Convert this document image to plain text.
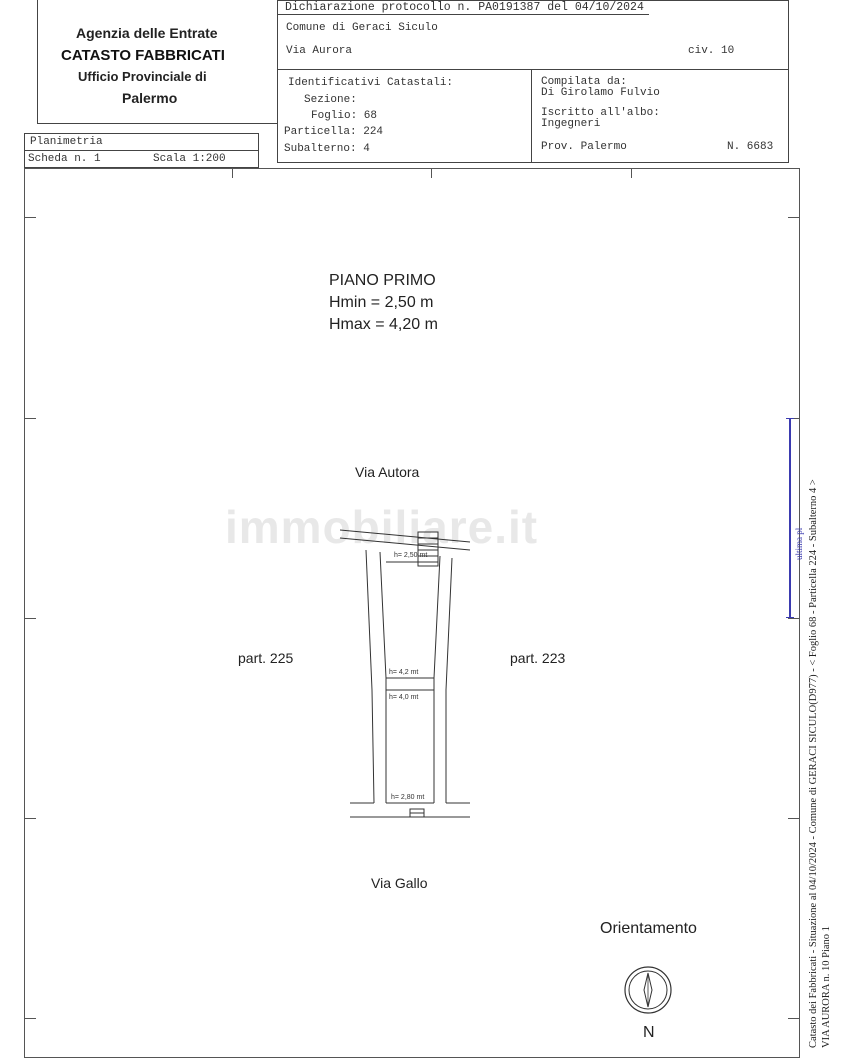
Agenzia delle Entrate
CATASTO FABBRICATI
Ufficio Provinciale di
Palermo
Planimetria
Scheda n. 1	Scala 1:200
Dichiarazione protocollo n. PA0191387 del 04/10/2024
Comune di Geraci Siculo
Via Aurora	civ. 10
Identificativi Catastali:
Sezione:
Foglio: 68
Particella: 224
Subalterno: 4
Compilata da:
Di Girolamo Fulvio
Iscritto all'albo:
Ingegneri
Prov. Palermo	N. 6683
ultima pl Catasto dei Fabbricati - Situazione al 04/10/2024 - Comune di GERACI SICULO(D977) - < Foglio 68 - Particella 224 - Subalterno 4 > VIA AURORA n. 10 Piano 1
PIANO PRIMO
Hmin = 2,50 m
Hmax = 4,20 m
Via Autora
part. 225	part. 223
Via Gallo
immobiliare.it
h= 2,50 mt
h= 4,2 mt
h= 4,0 mt
h= 2,80 mt
Orientamento
N
